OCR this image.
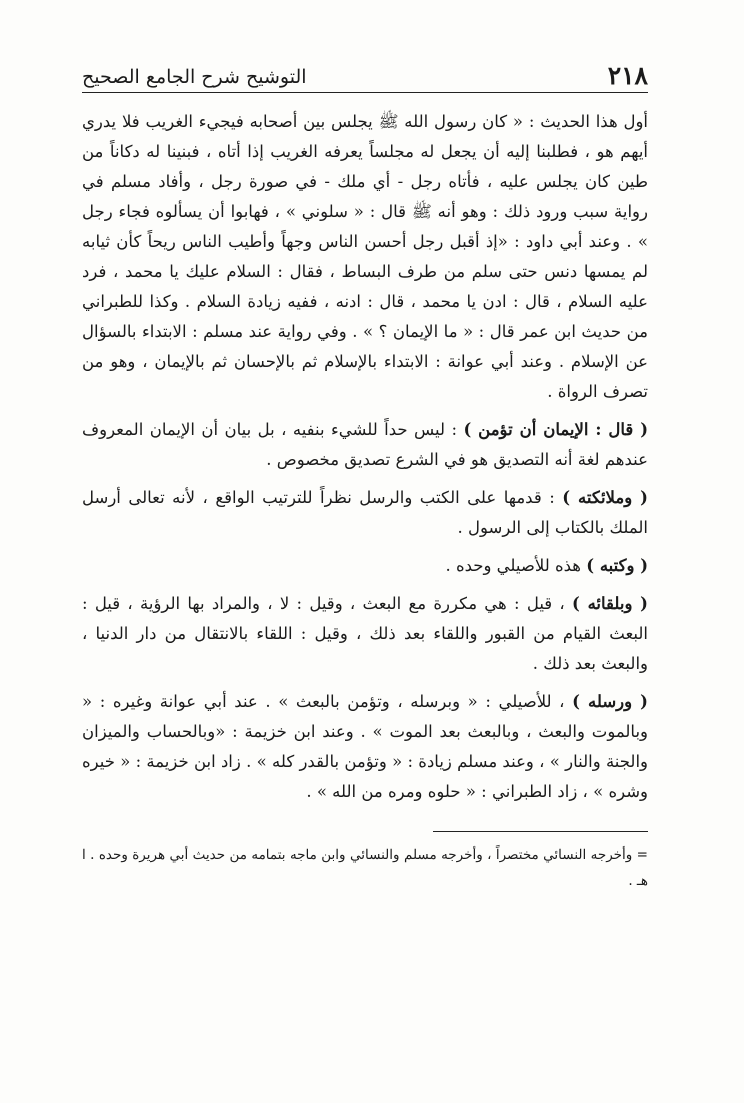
٢١٨
التوشيح شرح الجامع الصحيح

أول هذا الحديث : « كان رسول الله ﷺ يجلس بين أصحابه فيجيء الغريب فلا يدري أيهم هو ، فطلبنا إليه أن يجعل له مجلساً يعرفه الغريب إذا أتاه ، فبنينا له دكاناً من طين كان يجلس عليه ، فأتاه رجل - أي ملك - في صورة رجل ، وأفاد مسلم في رواية سبب ورود ذلك : وهو أنه ﷺ قال : « سلوني » ، فهابوا أن يسألوه فجاء رجل » . وعند أبي داود : «إذ أقبل رجل أحسن الناس وجهاً وأطيب الناس ريحاً كأن ثيابه لم يمسها دنس حتى سلم من طرف البساط ، فقال : السلام عليك يا محمد ، فرد عليه السلام ، قال : ادن يا محمد ، قال : ادنه ، ففيه زيادة السلام . وكذا للطبراني من حديث ابن عمر قال : « ما الإيمان ؟ » . وفي رواية عند مسلم : الابتداء بالسؤال عن الإسلام . وعند أبي عوانة : الابتداء بالإسلام ثم بالإحسان ثم بالإيمان ، وهو من تصرف الرواة .

( قال : الإيمان أن تؤمن ) : ليس حداً للشيء بنفيه ، بل بيان أن الإيمان المعروف عندهم لغة أنه التصديق هو في الشرع تصديق مخصوص .

( وملائكته ) : قدمها على الكتب والرسل نظراً للترتيب الواقع ، لأنه تعالى أرسل الملك بالكتاب إلى الرسول .

( وكتبه ) هذه للأصيلي وحده .

( وبلقائه ) ، قيل : هي مكررة مع البعث ، وقيل : لا ، والمراد بها الرؤية ، قيل : البعث القيام من القبور واللقاء بعد ذلك ، وقيل : اللقاء بالانتقال من دار الدنيا ، والبعث بعد ذلك .

( ورسله ) ، للأصيلي : « وبرسله ، وتؤمن بالبعث » . عند أبي عوانة وغيره : « وبالموت والبعث ، وبالبعث بعد الموت » . وعند ابن خزيمة : «وبالحساب والميزان والجنة والنار » ، وعند مسلم زيادة : « وتؤمن بالقدر كله » . زاد ابن خزيمة : « خيره وشره » ، زاد الطبراني : « حلوه ومره من الله » .

= وأخرجه النسائي مختصراً ، وأخرجه مسلم والنسائي وابن ماجه بتمامه من حديث أبي هريرة وحده . ا هـ .
